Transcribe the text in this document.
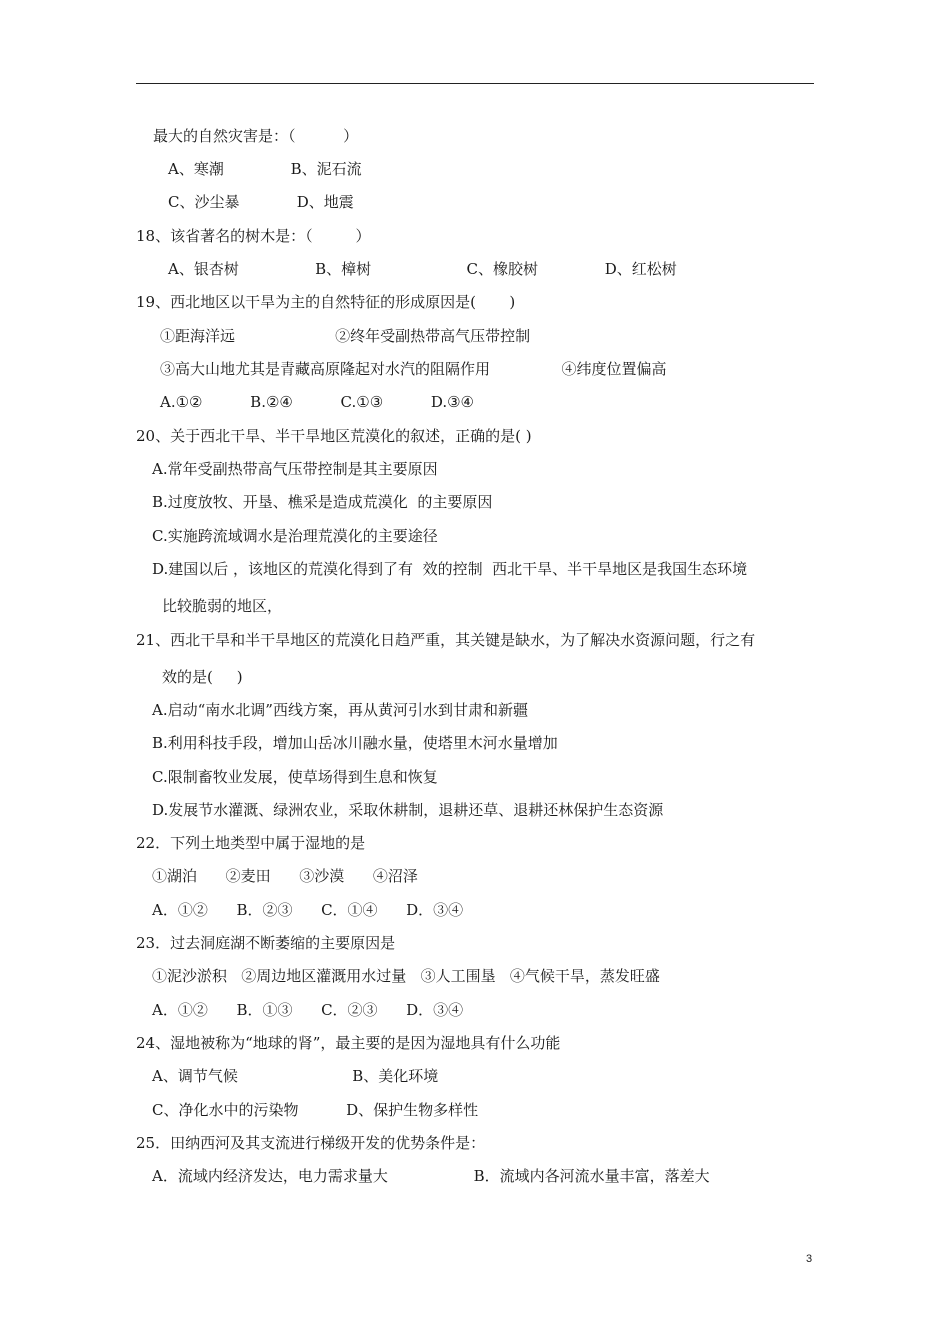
最大的自然灾害是：（          ）
A、寒潮              B、泥石流
C、沙尘暴            D、地震
18、该省著名的树木是：（         ）
A、银杏树                B、樟树                    C、橡胶树              D、红松树
19、西北地区以干旱为主的自然特征的形成原因是(       )
①距海洋远                     ②终年受副热带高气压带控制
③高大山地尤其是青藏高原隆起对水汽的阻隔作用               ④纬度位置偏高
A.①②          B.②④          C.①③          D.③④
20、关于西北干旱、半干旱地区荒漠化的叙述，正确的是( )
A.常年受副热带高气压带控制是其主要原因
B.过度放牧、开垦、樵采是造成荒漠化  的主要原因
C.实施跨流域调水是治理荒漠化的主要途径
D.建国以后 ，该地区的荒漠化得到了有  效的控制  西北干旱、半干旱地区是我国生态环境
比较脆弱的地区，
21、西北干旱和半干旱地区的荒漠化日趋严重，其关键是缺水，为了解决水资源问题，行之有
效的是(     )
A.启动“南水北调”西线方案，再从黄河引水到甘肃和新疆
B.利用科技手段，增加山岳冰川融水量，使塔里木河水量增加
C.限制畜牧业发展，使草场得到生息和恢复
D.发展节水灌溉、绿洲农业，采取休耕制，退耕还草、退耕还林保护生态资源
22．下列土地类型中属于湿地的是
①湖泊      ②麦田      ③沙漠      ④沼泽
A．①②      B．②③      C．①④      D．③④
23．过去洞庭湖不断萎缩的主要原因是
①泥沙淤积   ②周边地区灌溉用水过量   ③人工围垦   ④气候干旱，蒸发旺盛
A．①②      B．①③      C．②③      D．③④
24、湿地被称为“地球的肾”，最主要的是因为湿地具有什么功能
A、调节气候                        B、美化环境
C、净化水中的污染物          D、保护生物多样性
25．田纳西河及其支流进行梯级开发的优势条件是：
A．流域内经济发达，电力需求量大                  B．流域内各河流水量丰富，落差大
3
